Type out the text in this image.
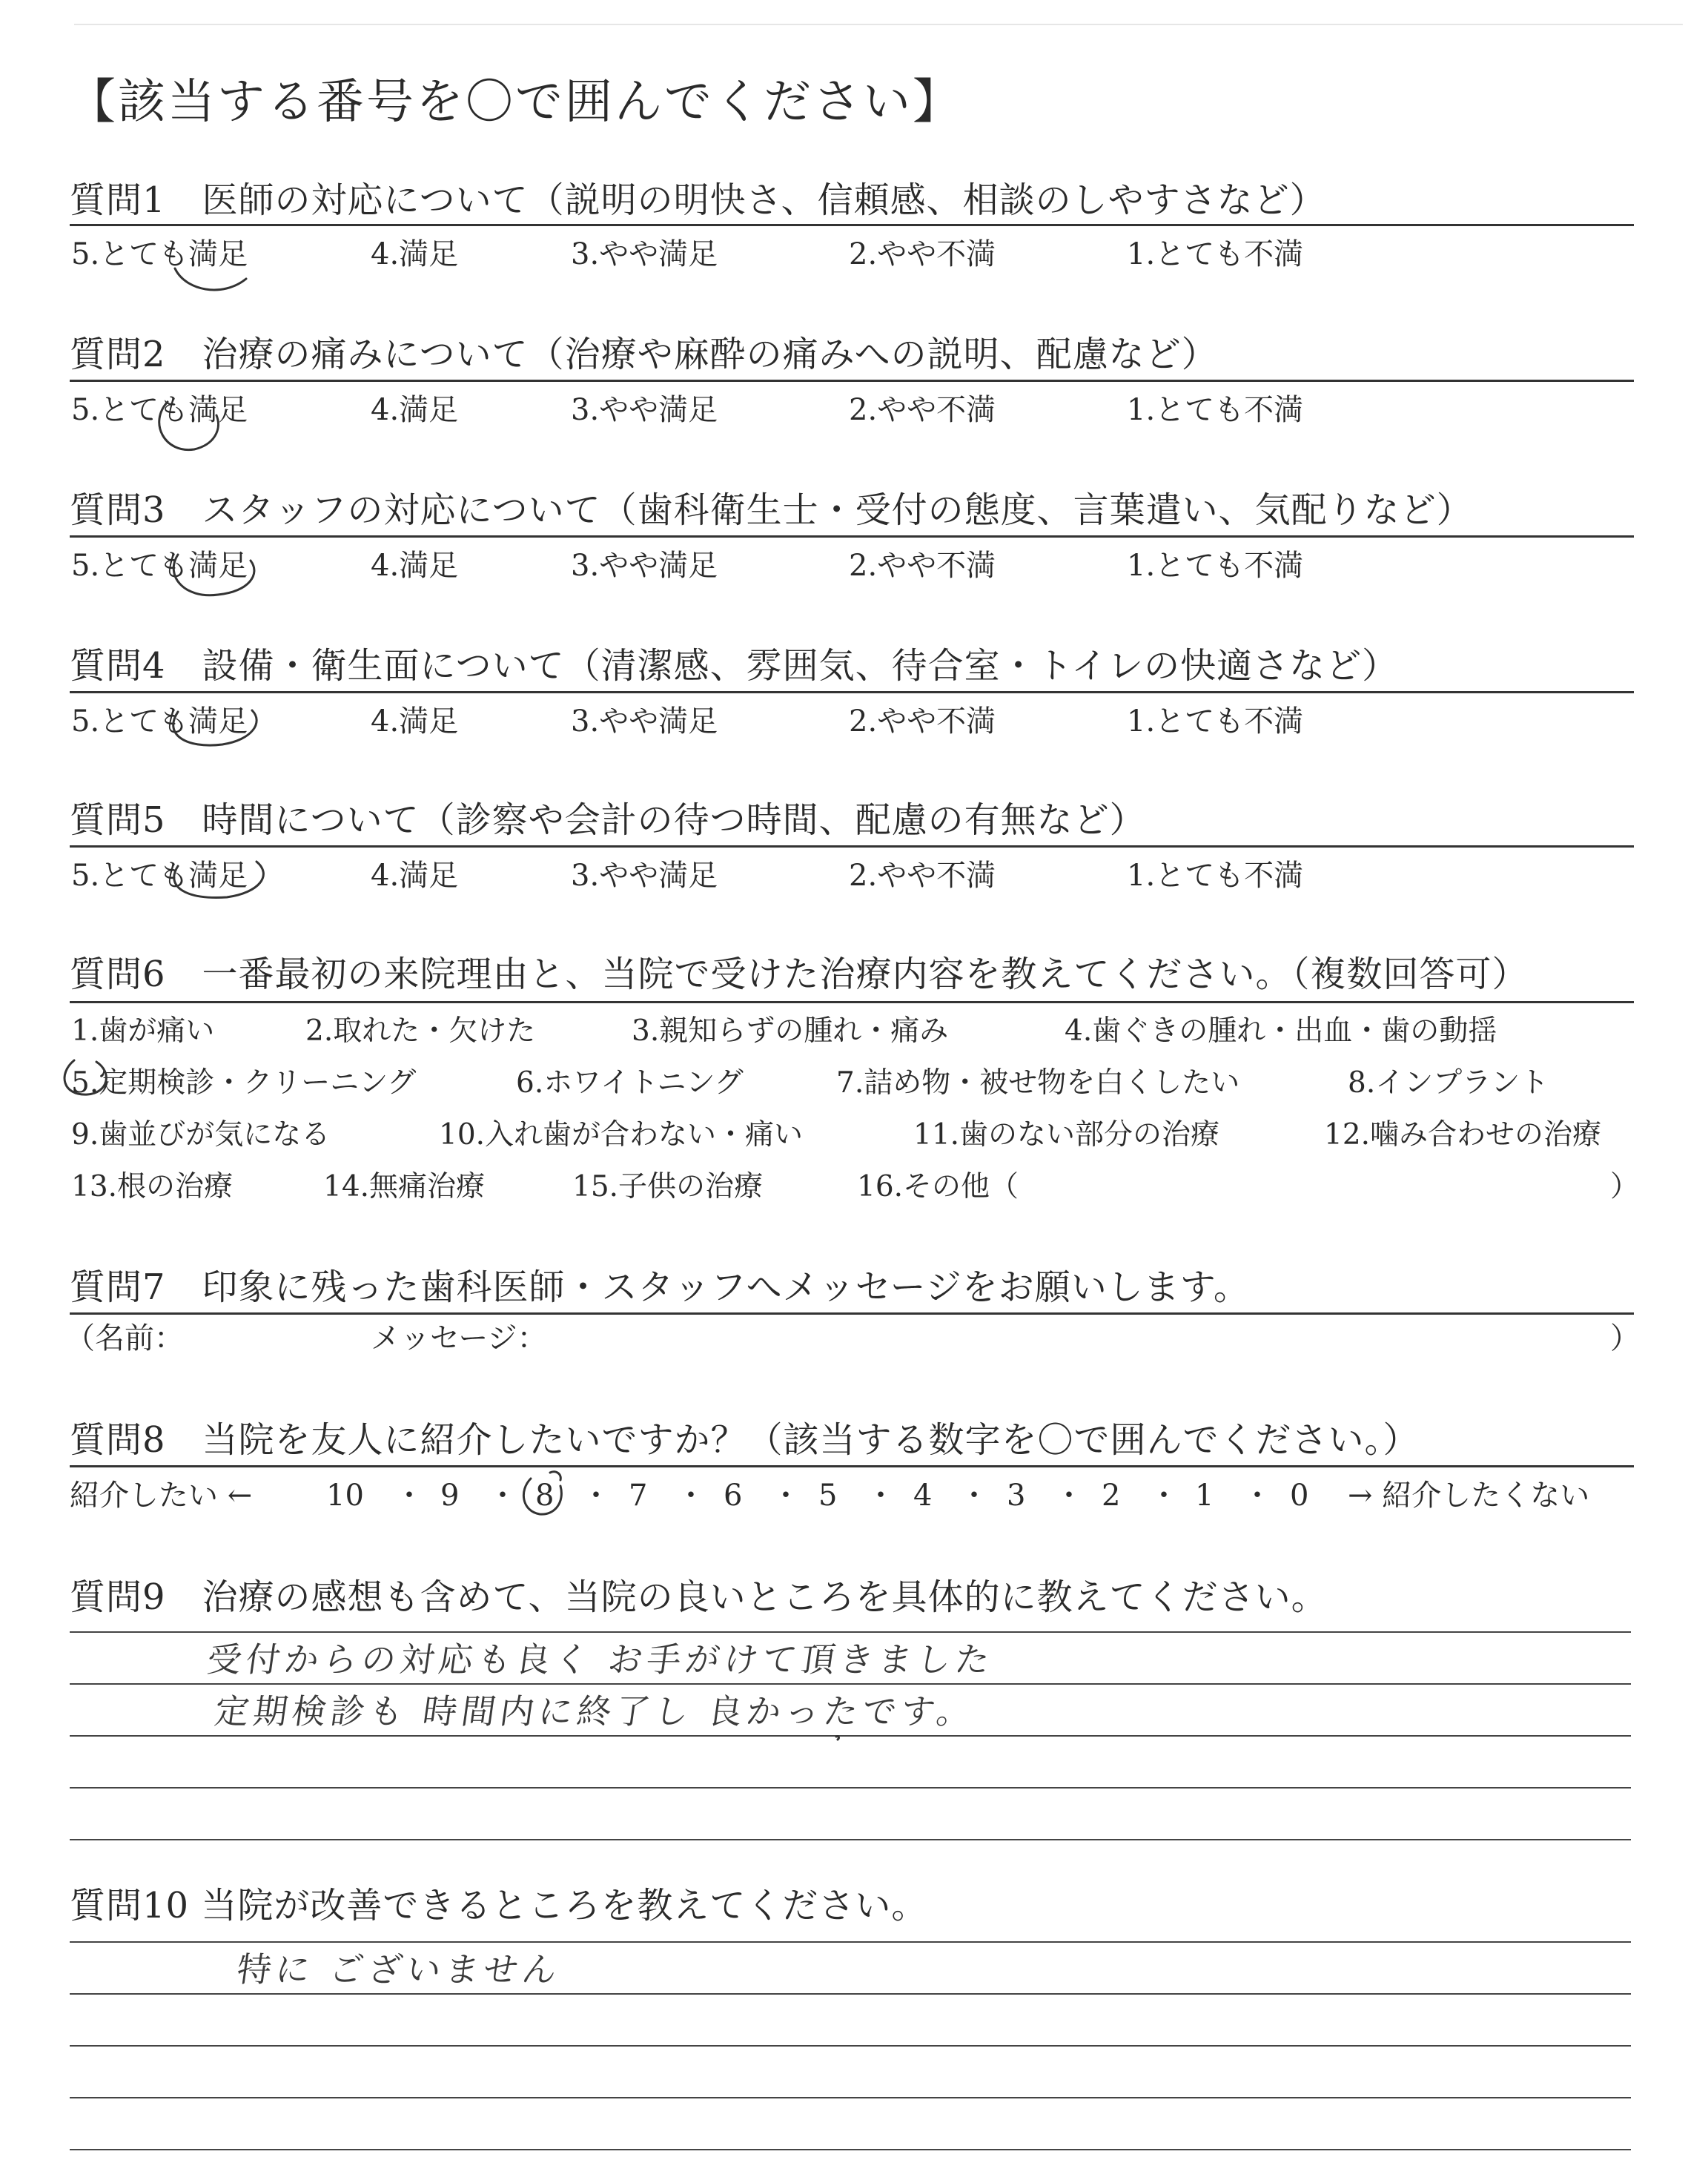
【該当する番号を〇で囲んでください】
質問1　医師の対応について（説明の明快さ、信頼感、相談のしやすさなど）
5.とても満足	4.満足	3.やや満足	2.やや不満	1.とても不満
質問2　治療の痛みについて（治療や麻酔の痛みへの説明、配慮など）
5.とても満足	4.満足	3.やや満足	2.やや不満	1.とても不満
質問3　スタッフの対応について（歯科衛生士・受付の態度、言葉遣い、気配りなど）
5.とても満足	4.満足	3.やや満足	2.やや不満	1.とても不満
質問4　設備・衛生面について（清潔感、雰囲気、待合室・トイレの快適さなど）
5.とても満足	4.満足	3.やや満足	2.やや不満	1.とても不満
質問5　時間について（診察や会計の待つ時間、配慮の有無など）
5.とても満足	4.満足	3.やや満足	2.やや不満	1.とても不満
質問6　一番最初の来院理由と、当院で受けた治療内容を教えてください。（複数回答可）
1.歯が痛い	2.取れた・欠けた	3.親知らずの腫れ・痛み	4.歯ぐきの腫れ・出血・歯の動揺
5.定期検診・クリーニング	6.ホワイトニング	7.詰め物・被せ物を白くしたい	8.インプラント
9.歯並びが気になる	10.入れ歯が合わない・痛い	11.歯のない部分の治療	12.噛み合わせの治療
13.根の治療	14.無痛治療	15.子供の治療	16.その他（	）
質問7　印象に残った歯科医師・スタッフへメッセージをお願いします。
（名前：	メッセージ：	）
質問8　当院を友人に紹介したいですか？（該当する数字を〇で囲んでください。）
紹介したい ← 10 ・ 9 ・ 8 ・ 7 ・ 6 ・ 5 ・ 4 ・ 3 ・ 2 ・ 1 ・ 0 → 紹介したくない
質問9　治療の感想も含めて、当院の良いところを具体的に教えてください。
受付からの対応も良く お手がけて頂きました
定期検診も 時間内に終了し 良かったです。
質問10 当院が改善できるところを教えてください。
特に ございません
